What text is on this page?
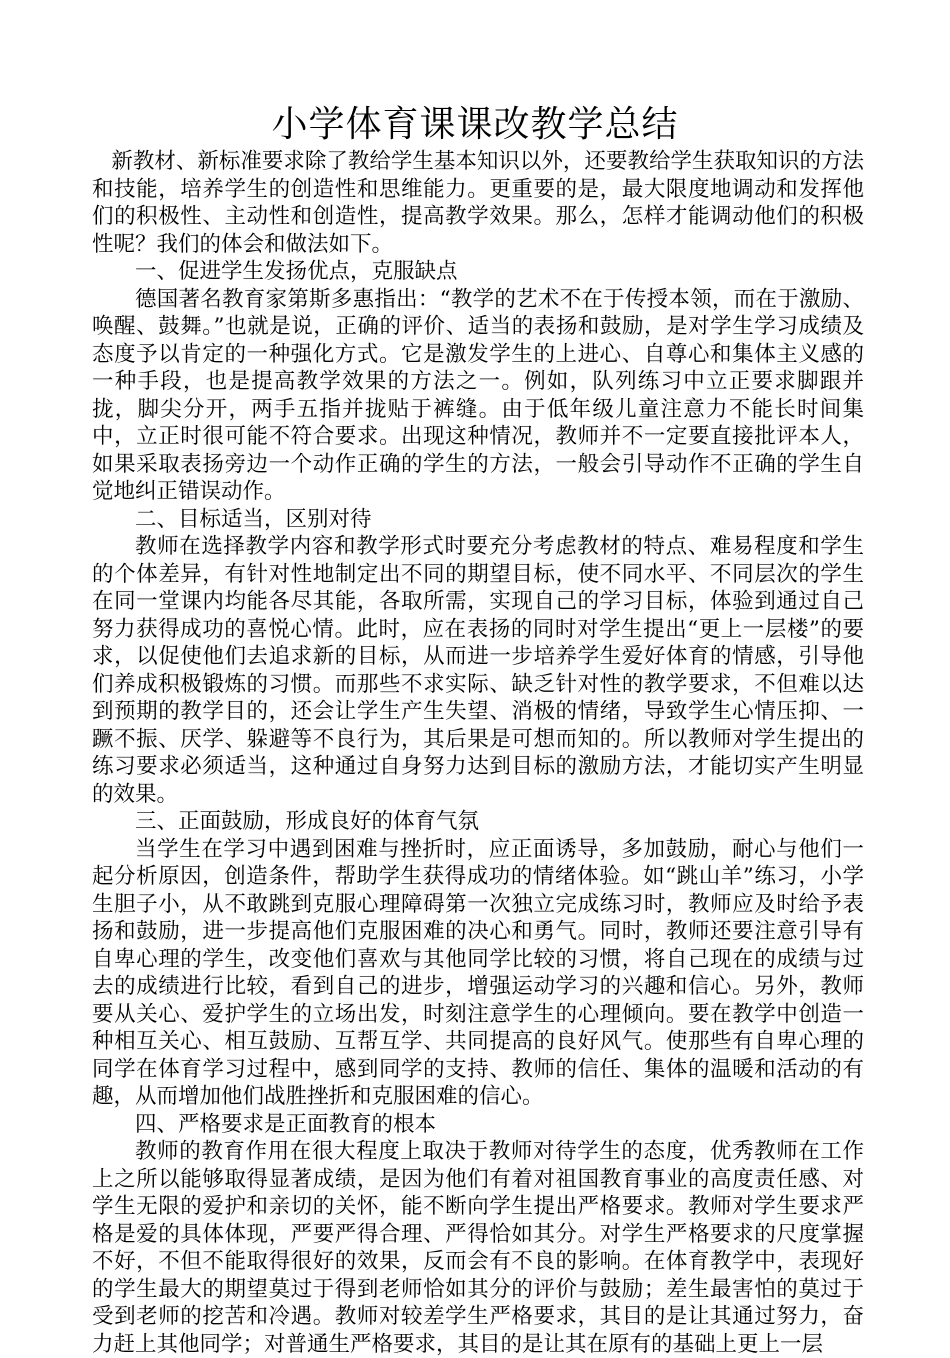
小学体育课课改教学总结

新教材、新标准要求除了教给学生基本知识以外，还要教给学生获取知识的方法和技能，培养学生的创造性和思维能力。更重要的是，最大限度地调动和发挥他们的积极性、主动性和创造性，提高教学效果。那么，怎样才能调动他们的积极性呢？我们的体会和做法如下。

一、促进学生发扬优点，克服缺点

德国著名教育家第斯多惠指出：“教学的艺术不在于传授本领，而在于激励、唤醒、鼓舞。”也就是说，正确的评价、适当的表扬和鼓励，是对学生学习成绩及态度予以肯定的一种强化方式。它是激发学生的上进心、自尊心和集体主义感的一种手段，也是提高教学效果的方法之一。例如，队列练习中立正要求脚跟并拢，脚尖分开，两手五指并拢贴于裤缝。由于低年级儿童注意力不能长时间集中，立正时很可能不符合要求。出现这种情况，教师并不一定要直接批评本人，如果采取表扬旁边一个动作正确的学生的方法，一般会引导动作不正确的学生自觉地纠正错误动作。

二、目标适当，区别对待

教师在选择教学内容和教学形式时要充分考虑教材的特点、难易程度和学生的个体差异，有针对性地制定出不同的期望目标，使不同水平、不同层次的学生在同一堂课内均能各尽其能，各取所需，实现自己的学习目标，体验到通过自己努力获得成功的喜悦心情。此时，应在表扬的同时对学生提出“更上一层楼”的要求，以促使他们去追求新的目标，从而进一步培养学生爱好体育的情感，引导他们养成积极锻炼的习惯。而那些不求实际、缺乏针对性的教学要求，不但难以达到预期的教学目的，还会让学生产生失望、消极的情绪，导致学生心情压抑、一蹶不振、厌学、躲避等不良行为，其后果是可想而知的。所以教师对学生提出的练习要求必须适当，这种通过自身努力达到目标的激励方法，才能切实产生明显的效果。

三、正面鼓励，形成良好的体育气氛

当学生在学习中遇到困难与挫折时，应正面诱导，多加鼓励，耐心与他们一起分析原因，创造条件，帮助学生获得成功的情绪体验。如“跳山羊”练习，小学生胆子小，从不敢跳到克服心理障碍第一次独立完成练习时，教师应及时给予表扬和鼓励，进一步提高他们克服困难的决心和勇气。同时，教师还要注意引导有自卑心理的学生，改变他们喜欢与其他同学比较的习惯，将自己现在的成绩与过去的成绩进行比较，看到自己的进步，增强运动学习的兴趣和信心。另外，教师要从关心、爱护学生的立场出发，时刻注意学生的心理倾向。要在教学中创造一种相互关心、相互鼓励、互帮互学、共同提高的良好风气。使那些有自卑心理的同学在体育学习过程中，感到同学的支持、教师的信任、集体的温暖和活动的有趣，从而增加他们战胜挫折和克服困难的信心。

四、严格要求是正面教育的根本

教师的教育作用在很大程度上取决于教师对待学生的态度，优秀教师在工作上之所以能够取得显著成绩，是因为他们有着对祖国教育事业的高度责任感、对学生无限的爱护和亲切的关怀，能不断向学生提出严格要求。教师对学生要求严格是爱的具体体现，严要严得合理、严得恰如其分。对学生严格要求的尺度掌握不好，不但不能取得很好的效果，反而会有不良的影响。在体育教学中，表现好的学生最大的期望莫过于得到老师恰如其分的评价与鼓励；差生最害怕的莫过于受到老师的挖苦和冷遇。教师对较差学生严格要求，其目的是让其通过努力，奋力赶上其他同学；对普通生严格要求，其目的是让其在原有的基础上更上一层
